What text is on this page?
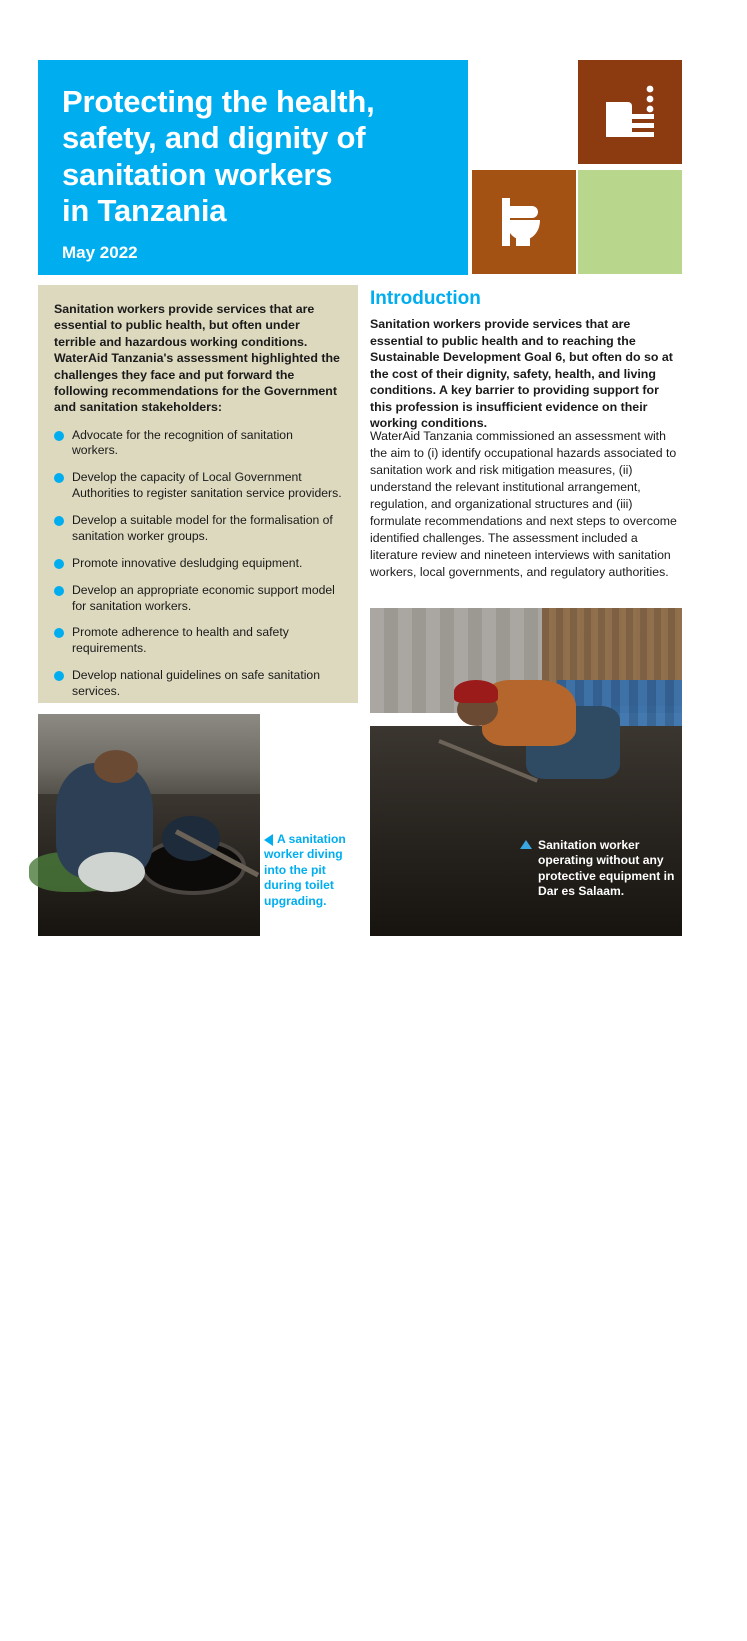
Protecting the health,
safety, and dignity of
sanitation workers
in Tanzania
May 2022

Sanitation workers provide services that are essential to public health, but often under terrible and hazardous working conditions. WaterAid Tanzania's assessment highlighted the challenges they face and put forward the following recommendations for the Government and sanitation stakeholders:

Advocate for the recognition of sanitation workers.
Develop the capacity of Local Government Authorities to register sanitation service providers.
Develop a suitable model for the formalisation of sanitation worker groups.
Promote innovative desludging equipment.
Develop an appropriate economic support model for sanitation workers.
Promote adherence to health and safety requirements.
Develop national guidelines on safe sanitation services.
Introduction

Sanitation workers provide services that are essential to public health and to reaching the Sustainable Development Goal 6, but often do so at the cost of their dignity, safety, health, and living conditions. A key barrier to providing support for this profession is insufficient evidence on their working conditions.

WaterAid Tanzania commissioned an assessment with the aim to (i) identify occupational hazards associated to sanitation work and risk mitigation measures, (ii) understand the relevant institutional arrangement, regulation, and organizational structures and (iii) formulate recommendations and next steps to overcome identified challenges. The assessment included a literature review and nineteen interviews with sanitation workers, local governments, and regulatory authorities.

WaterAid/Severine Allute
A sanitation worker diving into the pit during toilet upgrading.
WaterAid/Severine Allute
Sanitation worker operating without any protective equipment in Dar es Salaam.
